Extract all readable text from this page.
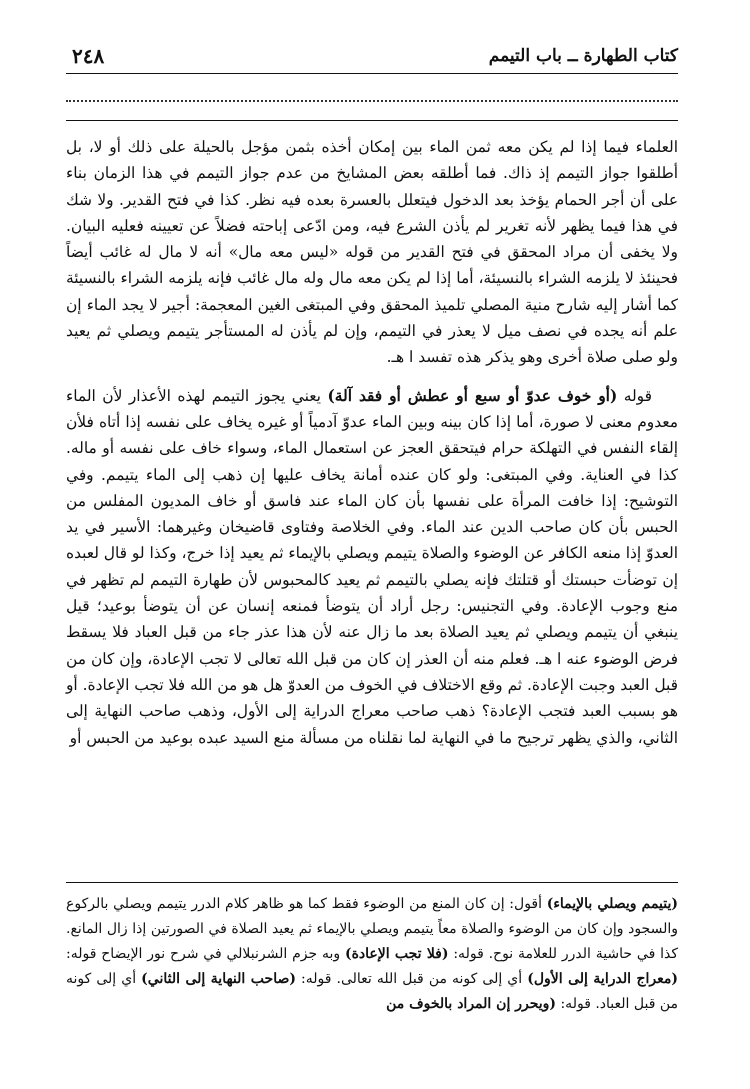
كتاب الطهارة ــ باب التيمم
٢٤٨

العلماء فيما إذا لم يكن معه ثمن الماء بين إمكان أخذه بثمن مؤجل بالحيلة على ذلك أو لا، بل أطلقوا جواز التيمم إذ ذاك. فما أطلقه بعض المشايخ من عدم جواز التيمم في هذا الزمان بناء على أن أجر الحمام يؤخذ بعد الدخول فيتعلل بالعسرة بعده فيه نظر. كذا في فتح القدير. ولا شك في هذا فيما يظهر لأنه تغرير لم يأذن الشرع فيه، ومن ادّعى إباحته فضلاً عن تعيينه فعليه البيان. ولا يخفى أن مراد المحقق في فتح القدير من قوله «ليس معه مال» أنه لا مال له غائب أيضاً فحينئذ لا يلزمه الشراء بالنسيئة، أما إذا لم يكن معه مال وله مال غائب فإنه يلزمه الشراء بالنسيئة كما أشار إليه شارح منية المصلي تلميذ المحقق وفي المبتغى الغين المعجمة: أجير لا يجد الماء إن علم أنه يجده في نصف ميل لا يعذر في التيمم، وإن لم يأذن له المستأجر يتيمم ويصلي ثم يعيد ولو صلى صلاة أخرى وهو يذكر هذه تفسد ا هـ.

قوله (أو خوف عدوّ أو سبع أو عطش أو فقد آلة) يعني يجوز التيمم لهذه الأعذار لأن الماء معدوم معنى لا صورة، أما إذا كان بينه وبين الماء عدوّ آدمياً أو غيره يخاف على نفسه إذا أتاه فلأن إلقاء النفس في التهلكة حرام فيتحقق العجز عن استعمال الماء، وسواء خاف على نفسه أو ماله. كذا في العناية. وفي المبتغى: ولو كان عنده أمانة يخاف عليها إن ذهب إلى الماء يتيمم. وفي التوشيح: إذا خافت المرأة على نفسها بأن كان الماء عند فاسق أو خاف المديون المفلس من الحبس بأن كان صاحب الدين عند الماء. وفي الخلاصة وفتاوى قاضيخان وغيرهما: الأسير في يد العدوّ إذا منعه الكافر عن الوضوء والصلاة يتيمم ويصلي بالإيماء ثم يعيد إذا خرج، وكذا لو قال لعبده إن توضأت حبستك أو قتلتك فإنه يصلي بالتيمم ثم يعيد كالمحبوس لأن طهارة التيمم لم تظهر في منع وجوب الإعادة. وفي التجنيس: رجل أراد أن يتوضأ فمنعه إنسان عن أن يتوضأ بوعيد؛ قيل ينبغي أن يتيمم ويصلي ثم يعيد الصلاة بعد ما زال عنه لأن هذا عذر جاء من قبل العباد فلا يسقط فرض الوضوء عنه ا هـ. فعلم منه أن العذر إن كان من قبل الله تعالى لا تجب الإعادة، وإن كان من قبل العبد وجبت الإعادة. ثم وقع الاختلاف في الخوف من العدوّ هل هو من الله فلا تجب الإعادة. أو هو بسبب العبد فتجب الإعادة؟ ذهب صاحب معراج الدراية إلى الأول، وذهب صاحب النهاية إلى الثاني، والذي يظهر ترجيح ما في النهاية لما نقلناه من مسألة منع السيد عبده بوعيد من الحبس أو

(يتيمم ويصلي بالإيماء) أقول: إن كان المنع من الوضوء فقط كما هو ظاهر كلام الدرر يتيمم ويصلي بالركوع والسجود وإن كان من الوضوء والصلاة معاً يتيمم ويصلي بالإيماء ثم يعيد الصلاة في الصورتين إذا زال المانع. كذا في حاشية الدرر للعلامة نوح. قوله: (فلا تجب الإعادة) وبه جزم الشرنبلالي في شرح نور الإيضاح قوله: (معراج الدراية إلى الأول) أي إلى كونه من قبل الله تعالى. قوله: (صاحب النهاية إلى الثاني) أي إلى كونه من قبل العباد. قوله: (ويحرر إن المراد بالخوف من
